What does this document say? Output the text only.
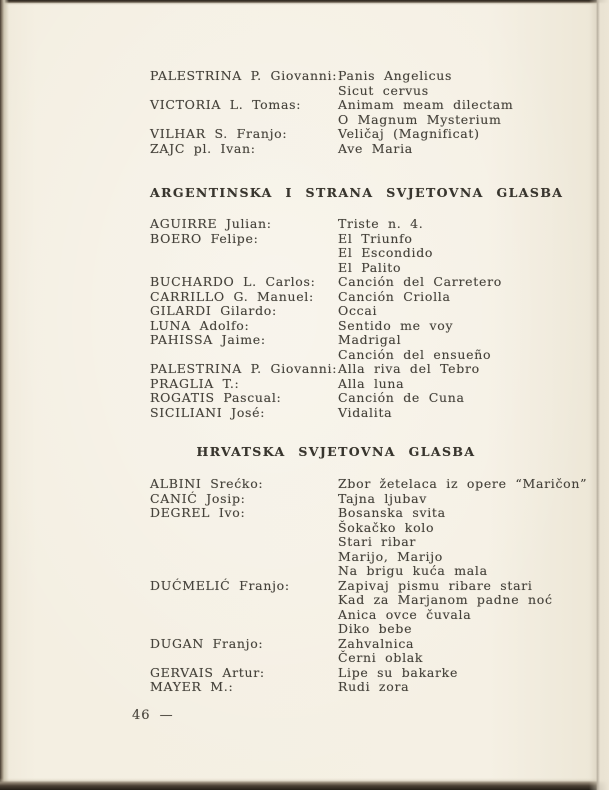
PALESTRINA P. Giovanni: Panis Angelicus
Sicut cervus
VICTORIA L. Tomas:	Animam meam dilectam
O Magnum Mysterium
VILHAR S. Franjo:	Veličaj (Magnificat)
ZAJC pl. Ivan:	Ave Maria
ARGENTINSKA I STRANA SVJETOVNA GLASBA
AGUIRRE Julian:	Triste n. 4.
BOERO Felipe:	El Triunfo
El Escondido
El Palito
BUCHARDO L. Carlos:	Canción del Carretero
CARRILLO G. Manuel:	Canción Criolla
GILARDI Gilardo:	Occai
LUNA Adolfo:	Sentido me voy
PAHISSA Jaime:	Madrigal
Canción del ensueño
PALESTRINA P. Giovanni: Alla riva del Tebro
PRAGLIA T.:	Alla luna
ROGATIS Pascual:	Canción de Cuna
SICILIANI José:	Vidalita
HRVATSKA SVJETOVNA GLASBA
ALBINI Srećko:	Zbor žetelaca iz opere “Maričon”
CANIĆ Josip:	Tajna ljubav
DEGREL Ivo:	Bosanska svita
Šokačko kolo
Stari ribar
Marijo, Marijo
Na brigu kuća mala
DUĆMELIĆ Franjo:	Zapivaj pismu ribare stari
Kad za Marjanom padne noć
Anica ovce čuvala
Diko bebe
DUGAN Franjo:	Zahvalnica
Černi oblak
GERVAIS Artur:	Lipe su bakarke
MAYER M.:	Rudi zora
46 —
